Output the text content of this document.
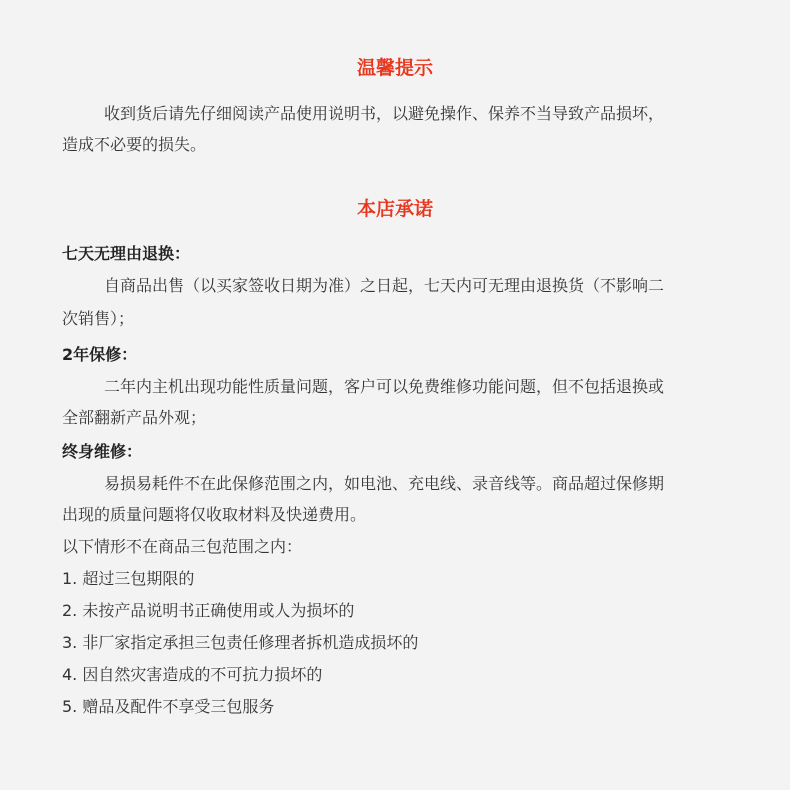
温馨提示
收到货后请先仔细阅读产品使用说明书，以避免操作、保养不当导致产品损坏，
造成不必要的损失。
本店承诺
七天无理由退换：
自商品出售（以买家签收日期为准）之日起，七天内可无理由退换货（不影响二
次销售）；
2年保修：
二年内主机出现功能性质量问题，客户可以免费维修功能问题，但不包括退换或
全部翻新产品外观；
终身维修：
易损易耗件不在此保修范围之内，如电池、充电线、录音线等。商品超过保修期
出现的质量问题将仅收取材料及快递费用。
以下情形不在商品三包范围之内：
1. 超过三包期限的
2. 未按产品说明书正确使用或人为损坏的
3. 非厂家指定承担三包责任修理者拆机造成损坏的
4. 因自然灾害造成的不可抗力损坏的
5. 赠品及配件不享受三包服务
